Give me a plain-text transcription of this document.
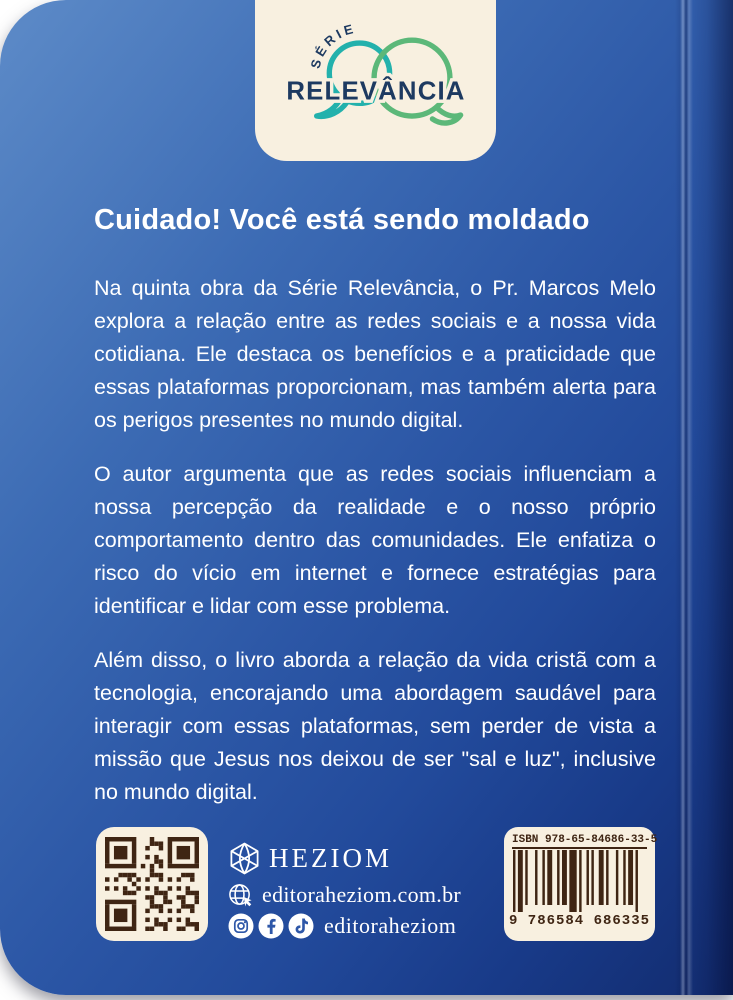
SÉRIE
RELEVÂNCIA
Cuidado! Você está sendo moldado

Na quinta obra da Série Relevância, o Pr. Marcos Melo explora a relação entre as redes sociais e a nossa vida cotidiana. Ele destaca os benefícios e a praticidade que essas plataformas proporcionam, mas também alerta para os perigos presentes no mundo digital.

O autor argumenta que as redes sociais influenciam a nossa percepção da realidade e o nosso próprio comportamento dentro das comunidades. Ele enfatiza o risco do vício em internet e fornece estratégias para identificar e lidar com esse problema.

Além disso, o livro aborda a relação da vida cristã com a tecnologia, encorajando uma abordagem saudável para interagir com essas plataformas, sem perder de vista a missão que Jesus nos deixou de ser "sal e luz", inclusive no mundo digital.

HEZIOM
editoraheziom.com.br
editoraheziom
ISBN 978-65-84686-33-5
9 786584 686335
